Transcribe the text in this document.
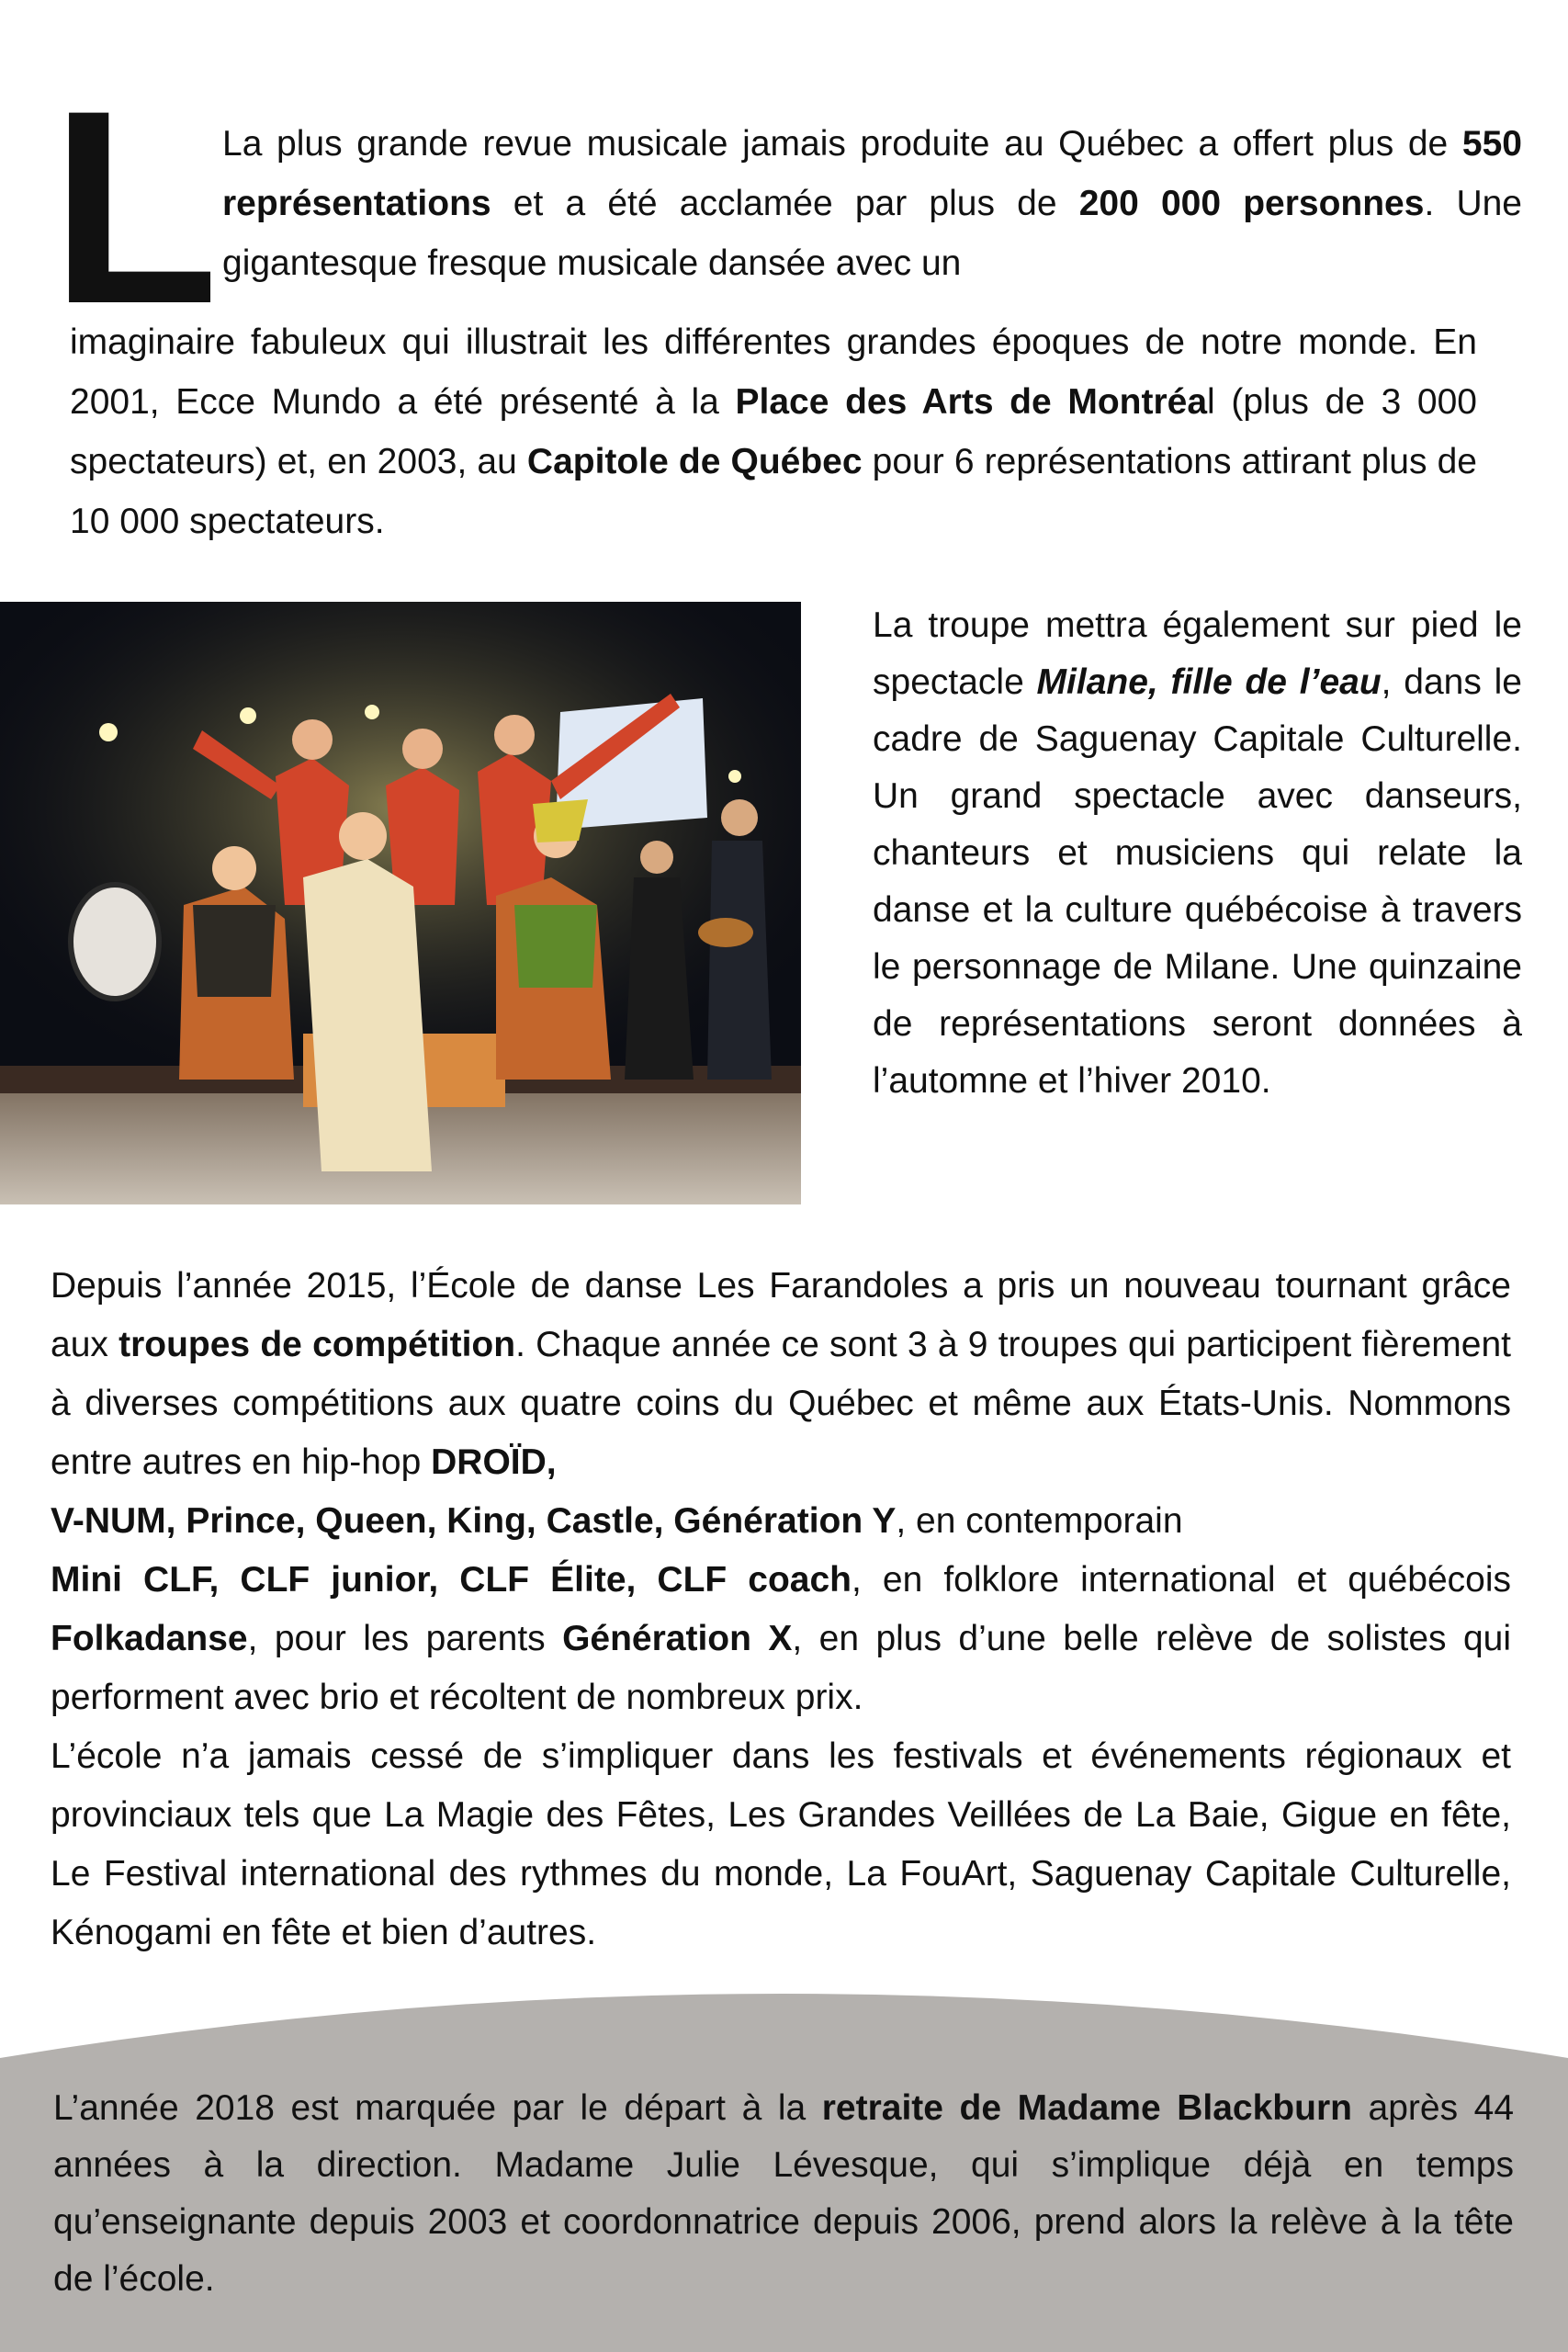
L La plus grande revue musicale jamais produite au Québec a offert plus de 550 représentations et a été acclamée par plus de 200 000 personnes. Une gigantesque fresque musicale dansée avec un

imaginaire fabuleux qui illustrait les différentes grandes époques de notre monde. En 2001, Ecce Mundo a été présenté à la Place des Arts de Montréal (plus de 3 000 spectateurs) et, en 2003, au Capitole de Québec pour 6 représentations attirant plus de 10 000 spectateurs.

La troupe mettra également sur pied le spectacle Milane, fille de l’eau, dans le cadre de Saguenay Capitale Culturelle. Un grand spectacle avec danseurs, chanteurs et musiciens qui relate la danse et la culture québécoise à travers le personnage de Milane. Une quinzaine de représentations seront données à l’automne et l’hiver 2010.

Depuis l’année 2015, l’École de danse Les Farandoles a pris un nouveau tournant grâce aux troupes de compétition. Chaque année ce sont 3 à 9 troupes qui participent fièrement à diverses compétitions aux quatre coins du Québec et même aux États-Unis. Nommons entre autres en hip-hop DROÏD,
V-NUM, Prince, Queen, King, Castle, Génération Y, en contemporain
Mini CLF, CLF junior, CLF Élite, CLF coach, en folklore international et québécois Folkadanse, pour les parents Génération X, en plus d’une belle relève de solistes qui performent avec brio et récoltent de nombreux prix.
L’école n’a jamais cessé de s’impliquer dans les festivals et événements régionaux et provinciaux tels que La Magie des Fêtes, Les Grandes Veillées de La Baie, Gigue en fête, Le Festival international des rythmes du monde, La FouArt, Saguenay Capitale Culturelle, Kénogami en fête et bien d’autres.

L’année 2018 est marquée par le départ à la retraite de Madame Blackburn après 44 années à la direction. Madame Julie Lévesque, qui s’implique déjà en temps qu’enseignante depuis 2003 et coordonnatrice depuis 2006, prend alors la relève à la tête de l’école.
